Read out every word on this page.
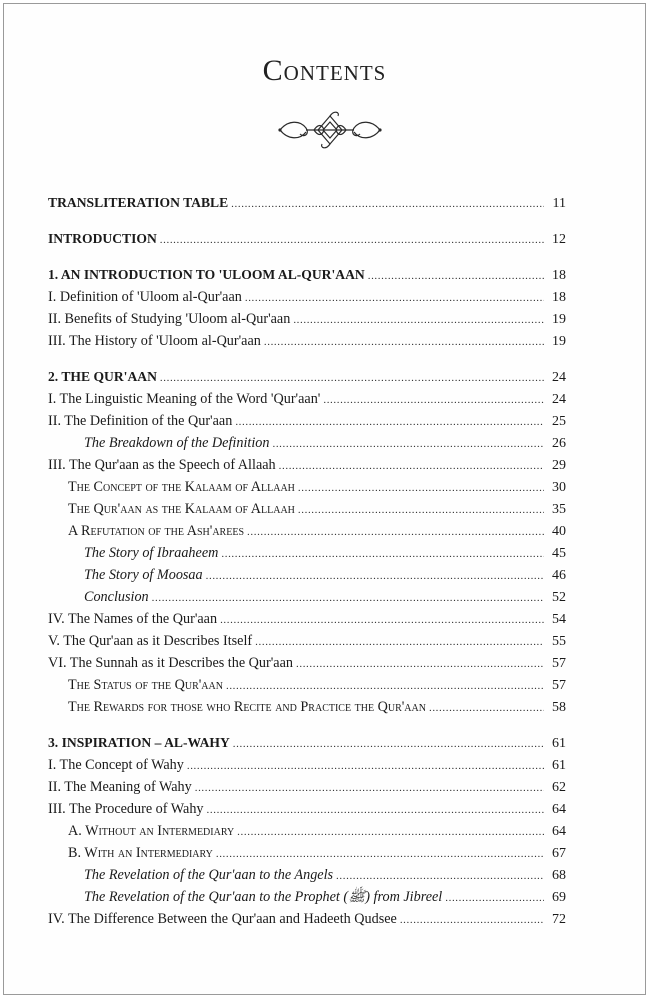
Contents
TRANSLITERATION TABLE .....	11
INTRODUCTION .....	12
1. AN INTRODUCTION TO 'ULOOM AL-QUR'AAN .....	18
I. Definition of 'Uloom al-Qur'aan .....	18
II. Benefits of Studying 'Uloom al-Qur'aan .....	19
III. The History of 'Uloom al-Qur'aan .....	19
2. THE QUR'AAN .....	24
I. The Linguistic Meaning of the Word 'Qur'aan' .....	24
II. The Definition of the Qur'aan .....	25
The Breakdown of the Definition .....	26
III. The Qur'aan as the Speech of Allaah .....	29
The Concept of the Kalaam of Allaah .....	30
The Qur'aan as the Kalaam of Allaah .....	35
A Refutation of the Ash'arees .....	40
The Story of Ibraaheem .....	45
The Story of Moosaa .....	46
Conclusion .....	52
IV. The Names of the Qur'aan .....	54
V. The Qur'aan as it Describes Itself .....	55
VI. The Sunnah as it Describes the Qur'aan .....	57
The Status of the Qur'aan .....	57
The Rewards for those who Recite and Practice the Qur'aan .....	58
3. INSPIRATION – AL-WAHY .....	61
I. The Concept of Wahy .....	61
II. The Meaning of Wahy .....	62
III. The Procedure of Wahy .....	64
A. Without an Intermediary .....	64
B. With an Intermediary .....	67
The Revelation of the Qur'aan to the Angels .....	68
The Revelation of the Qur'aan to the Prophet (ﷺ) from Jibreel .....	69
IV. The Difference Between the Qur'aan and Hadeeth Qudsee .....	72
